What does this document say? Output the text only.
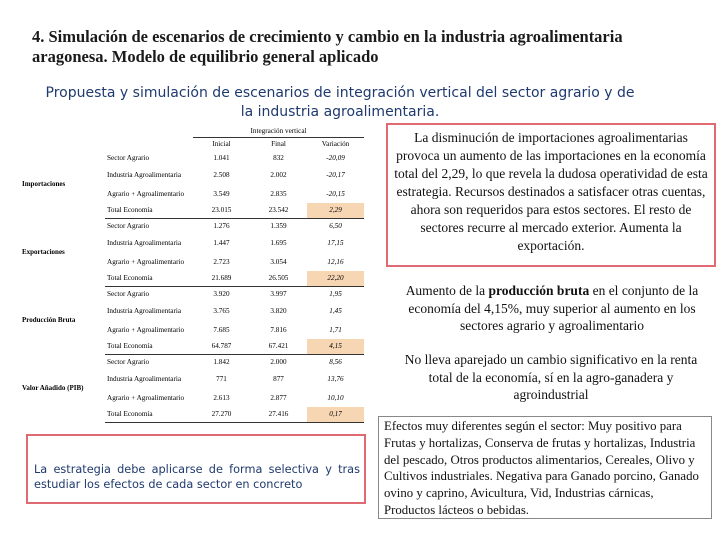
4. Simulación de escenarios de crecimiento y cambio en la industria agroalimentaria aragonesa. Modelo de equilibrio general aplicado
Propuesta y simulación de escenarios de integración vertical del sector agrario y de la industria agroalimentaria.
		Integración vertical		
		Inicial	Final	Variación
Importaciones	Sector Agrario	1.041	832	-20,09
	Industria Agroalimentaria	2.508	2.002	-20,17
	Agrario + Agroalimentario	3.549	2.835	-20,15
	Total Economía	23.015	23.542	2,29
Exportaciones	Sector Agrario	1.276	1.359	6,50
	Industria Agroalimentaria	1.447	1.695	17,15
	Agrario + Agroalimentario	2.723	3.054	12,16
	Total Economía	21.689	26.505	22,20
Producción Bruta	Sector Agrario	3.920	3.997	1,95
	Industria Agroalimentaria	3.765	3.820	1,45
	Agrario + Agroalimentario	7.685	7.816	1,71
	Total Economía	64.787	67.421	4,15
Valor Añadido (PIB)	Sector Agrario	1.842	2.000	8,56
	Industria Agroalimentaria	771	877	13,76
	Agrario + Agroalimentario	2.613	2.877	10,10
	Total Economía	27.270	27.416	0,17
La disminución de importaciones agroalimentarias provoca un aumento de las importaciones en la economía total del 2,29, lo que revela la dudosa operatividad de esta estrategia. Recursos destinados a satisfacer otras cuentas, ahora son requeridos para estos sectores. El resto de sectores recurre al mercado exterior. Aumenta la exportación.
Aumento de la producción bruta en el conjunto de la economía del 4,15%, muy superior al aumento en los sectores agrario y agroalimentario
No lleva aparejado un cambio significativo en la renta total de la economía, sí en la agro-ganadera y agroindustrial
Efectos muy diferentes según el sector: Muy positivo para Frutas y hortalizas, Conserva de frutas y hortalizas, Industria del pescado, Otros productos alimentarios, Cereales, Olivo y Cultivos industriales. Negativa para Ganado porcino, Ganado ovino y caprino, Avicultura, Vid, Industrias cárnicas, Productos lácteos o bebidas.
La estrategia debe aplicarse de forma selectiva y tras estudiar los efectos de cada sector en concreto
